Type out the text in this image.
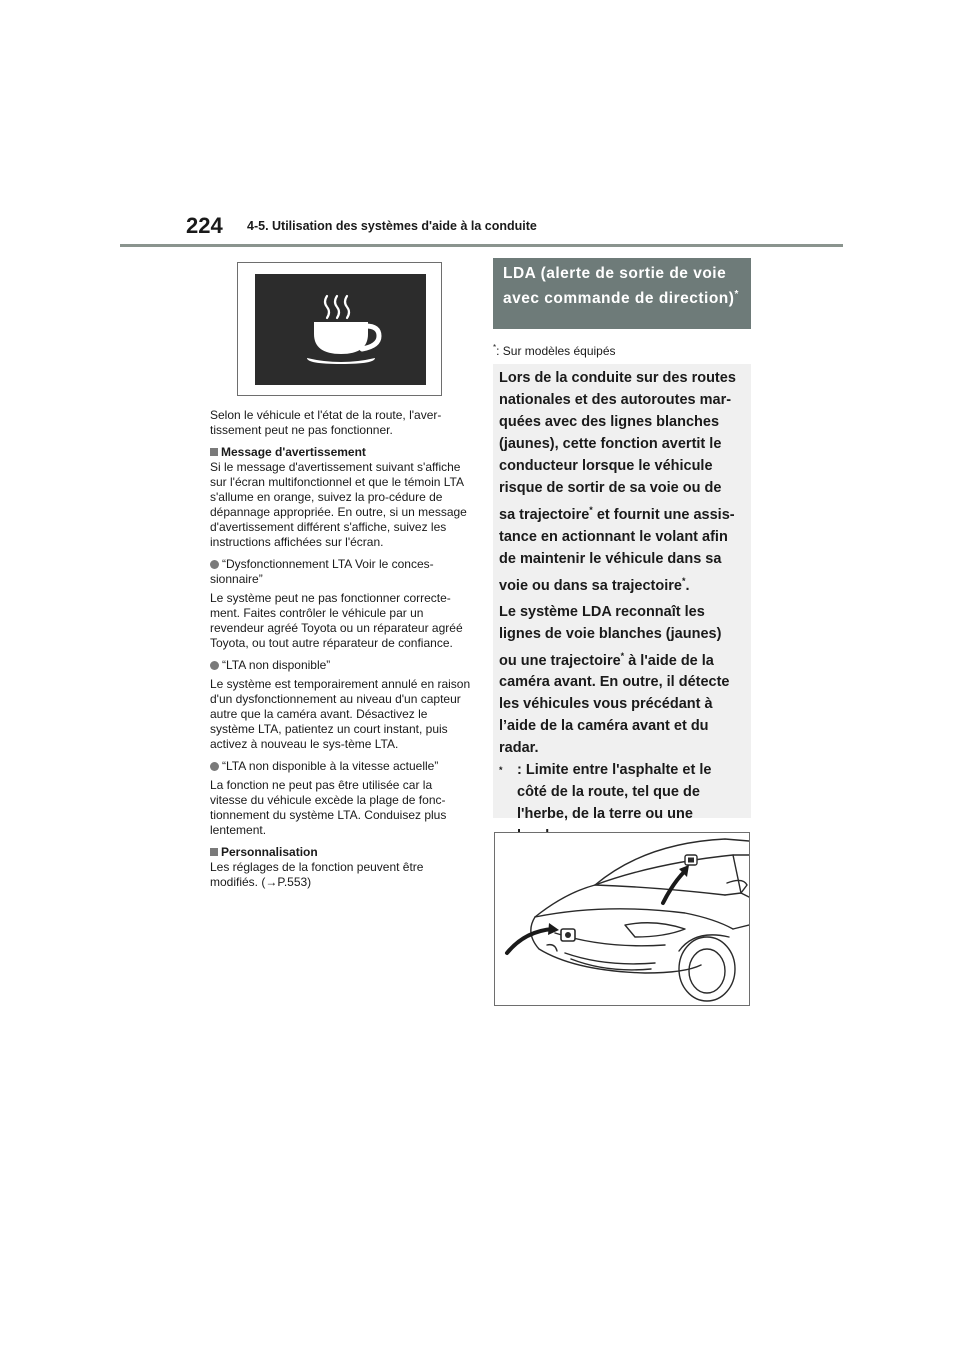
224 4-5. Utilisation des systèmes d'aide à la conduite

Selon le véhicule et l'état de la route, l'aver-tissement peut ne pas fonctionner.

Message d'avertissement

Si le message d'avertissement suivant s'affiche sur l'écran multifonctionnel et que le témoin LTA s'allume en orange, suivez la pro-cédure de dépannage appropriée. En outre, si un message d'avertissement différent s'affiche, suivez les instructions affichées sur l'écran.

“Dysfonctionnement LTA Voir le conces-sionnaire”

Le système peut ne pas fonctionner correcte-ment. Faites contrôler le véhicule par un revendeur agréé Toyota ou un réparateur agréé Toyota, ou tout autre réparateur de confiance.

“LTA non disponible”

Le système est temporairement annulé en raison d'un dysfonctionnement au niveau d'un capteur autre que la caméra avant. Désactivez le système LTA, patientez un court instant, puis activez à nouveau le sys-tème LTA.

“LTA non disponible à la vitesse actuelle”

La fonction ne peut pas être utilisée car la vitesse du véhicule excède la plage de fonc-tionnement du système LTA. Conduisez plus lentement.

Personnalisation

Les réglages de la fonction peuvent être modifiés. (→P.553)

LDA (alerte de sortie de voie avec commande de direction)*
*: Sur modèles équipés

Lors de la conduite sur des routes nationales et des autoroutes mar-quées avec des lignes blanches (jaunes), cette fonction avertit le conducteur lorsque le véhicule risque de sortir de sa voie ou de sa trajectoire* et fournit une assis-tance en actionnant le volant afin de maintenir le véhicule dans sa voie ou dans sa trajectoire*.

Le système LDA reconnaît les lignes de voie blanches (jaunes) ou une trajectoire* à l'aide de la caméra avant. En outre, il détecte les véhicules vous précédant à l’aide de la caméra avant et du radar.

* : Limite entre l'asphalte et le côté de la route, tel que de l'herbe, de la terre ou une
